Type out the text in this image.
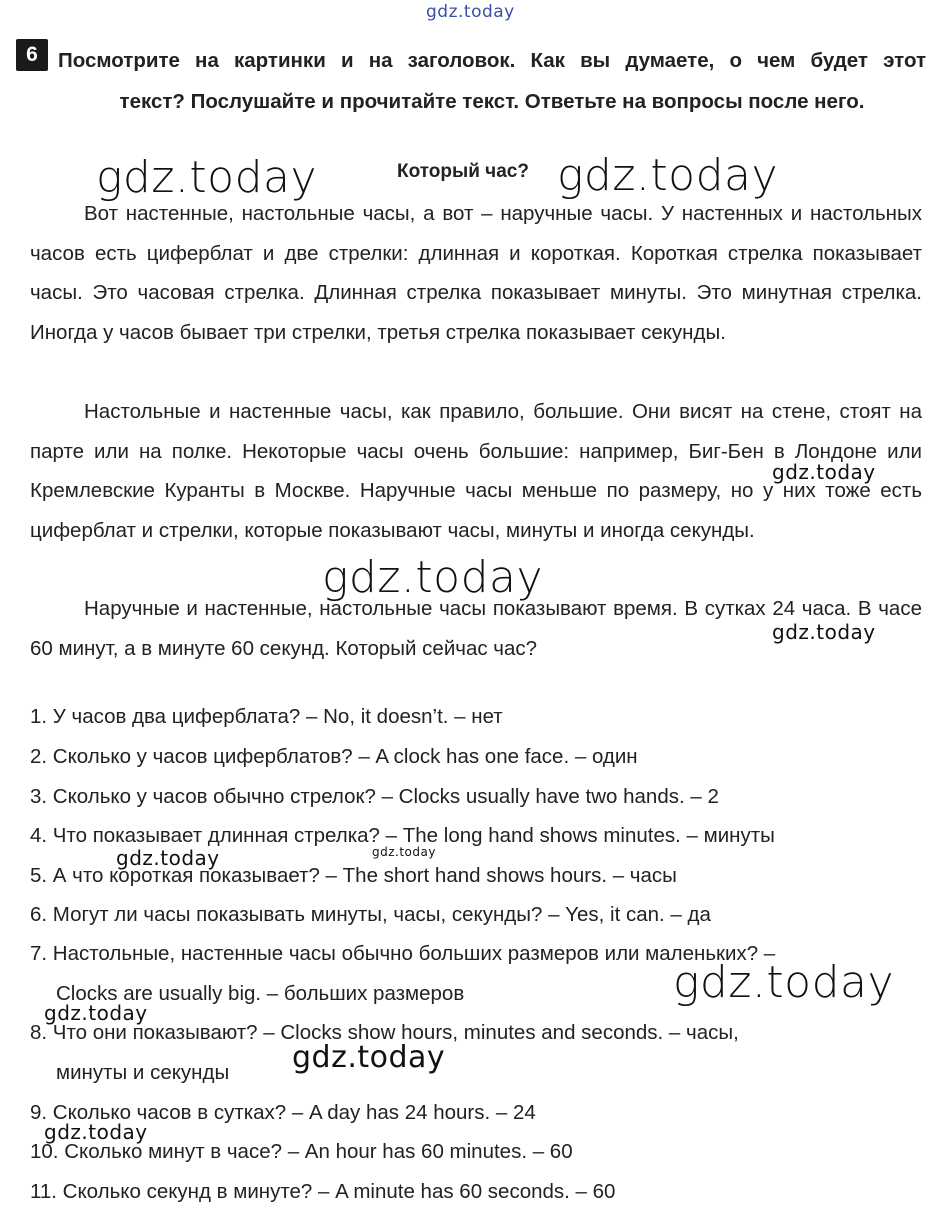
gdz.today
gdz.today	gdz.today
gdz.today
gdz.today
gdz.today
gdz.today	gdz.today
gdz.today
gdz.today
gdz.today
gdz.today
6 Посмотрите на картинки и на заголовок. Как вы думаете, о чем будет этот
текст? Послушайте и прочитайте текст. Ответьте на вопросы после него.
Который час?
Вот настенные, настольные часы, а вот – наручные часы. У настенных и настольных часов есть циферблат и две стрелки: длинная и короткая. Короткая стрелка показывает часы. Это часовая стрелка. Длинная стрелка показывает минуты. Это минутная стрелка. Иногда у часов бывает три стрелки, третья стрелка показывает секунды.
Настольные и настенные часы, как правило, большие. Они висят на стене, стоят на парте или на полке. Некоторые часы очень большие: например, Биг-Бен в Лондоне или Кремлевские Куранты в Москве. Наручные часы меньше по размеру, но у них тоже есть циферблат и стрелки, которые показывают часы, минуты и иногда секунды.
Наручные и настенные, настольные часы показывают время. В сутках 24 часа. В часе 60 минут, а в минуте 60 секунд. Который сейчас час?
1. У часов два циферблата? – No, it doesn’t. – нет
2. Сколько у часов циферблатов? – A clock has one face. – один
3. Сколько у часов обычно стрелок? – Clocks usually have two hands. – 2
4. Что показывает длинная стрелка? – The long hand shows minutes. – минуты
5. А что короткая показывает? – The short hand shows hours. – часы
6. Могут ли часы показывать минуты, часы, секунды? – Yes, it can. – да
7. Настольные, настенные часы обычно больших размеров или маленьких? –
Clocks are usually big. – больших размеров
8. Что они показывают? – Clocks show hours, minutes and seconds. – часы,
минуты и секунды
9. Сколько часов в сутках? – A day has 24 hours. – 24
10. Сколько минут в часе? – An hour has 60 minutes. – 60
11. Сколько секунд в минуте? – A minute has 60 seconds. – 60
